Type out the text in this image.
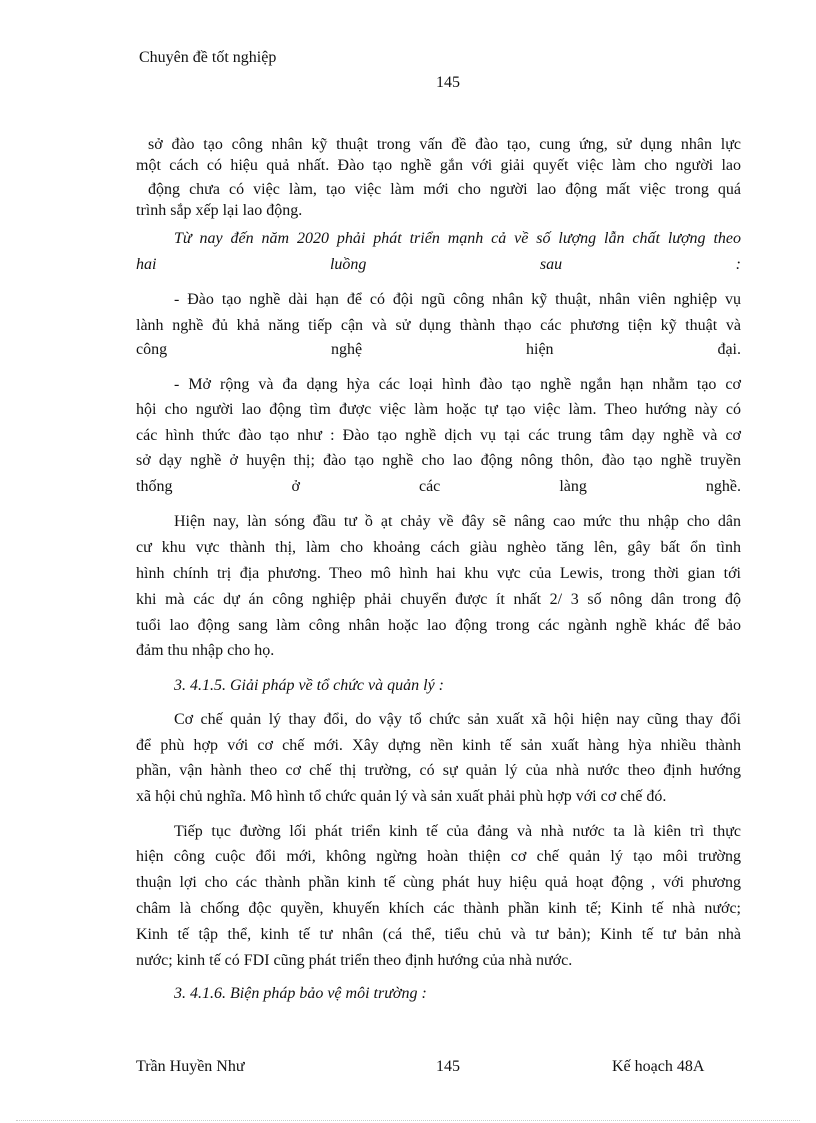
Chuyên đề tốt nghiệp
145
sở đào tạo công nhân kỹ thuật trong vấn đề đào tạo, cung ứng, sử dụng nhân lực
một cách có hiệu quả nhất. Đào tạo nghề gắn với giải quyết việc làm cho người lao
động chưa có việc làm, tạo việc làm mới cho người lao động mất việc trong quá
trình sắp xếp lại lao động.
Từ nay đến năm 2020 phải phát triển mạnh cả về số lượng lẫn chất lượng theo
hai luồng sau :
- Đào tạo nghề dài hạn để có đội ngũ công nhân kỹ thuật, nhân viên nghiệp vụ
lành nghề đủ khả năng tiếp cận và sử dụng thành thạo các phương tiện kỹ thuật và
công nghệ hiện đại.
- Mở rộng và đa dạng hỳa các loại hình đào tạo nghề ngắn hạn nhằm tạo cơ
hội cho người lao động tìm được việc làm hoặc tự tạo việc làm. Theo hướng này có
các hình thức đào tạo như : Đào tạo nghề dịch vụ tại các trung tâm dạy nghề và cơ
sở dạy nghề ở huyện thị; đào tạo nghề cho lao động nông thôn, đào tạo nghề truyền
thống ở các làng nghề.
Hiện nay, làn sóng đầu tư ồ ạt chảy về đây sẽ nâng cao mức thu nhập cho dân
cư khu vực thành thị, làm cho khoảng cách giàu nghèo tăng lên, gây bất ổn tình
hình chính trị địa phương. Theo mô hình hai khu vực của Lewis, trong thời gian tới
khi mà các dự án công nghiệp phải chuyển được ít nhất 2/ 3 số nông dân trong độ
tuổi lao động sang làm công nhân hoặc lao động trong các ngành nghề khác để bảo
đảm thu nhập cho họ.
3. 4.1.5. Giải pháp về tổ chức và quản lý :
Cơ chế quản lý thay đổi, do vậy tổ chức sản xuất xã hội hiện nay cũng thay đổi
để phù hợp với cơ chế mới. Xây dựng nền kinh tế sản xuất hàng hỳa nhiều thành
phần, vận hành theo cơ chế thị trường, có sự quản lý của nhà nước theo định hướng
xã hội chủ nghĩa. Mô hình tổ chức quản lý và sản xuất phải phù hợp với cơ chế đó.
Tiếp tục đường lối phát triển kinh tế của đảng và nhà nước ta là kiên trì thực
hiện công cuộc đổi mới, không ngừng hoàn thiện cơ chế quản lý tạo môi trường
thuận lợi cho các thành phần kinh tế cùng phát huy hiệu quả hoạt động , với phương
châm là chống độc quyền, khuyến khích các thành phần kinh tế; Kinh tế nhà nước;
Kinh tế tập thể, kinh tế tư nhân (cá thể, tiểu chủ và tư bản); Kinh tế tư bản nhà
nước; kinh tế có FDI cũng phát triển theo định hướng của nhà nước.
3. 4.1.6. Biện pháp bảo vệ môi trường :
Trần Huyền Như	145	Kế hoạch 48A
